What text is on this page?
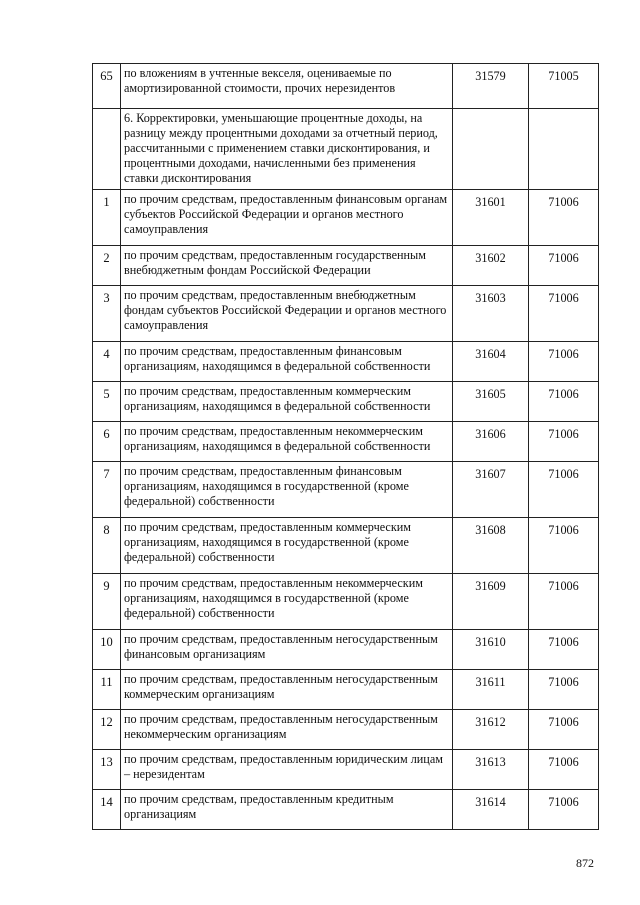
65	по вложениям в учтенные векселя, оцениваемые по амортизированной стоимости, прочих нерезидентов	31579	71005
	6. Корректировки, уменьшающие процентные доходы, на разницу между процентными доходами за отчетный период, рассчитанными с применением ставки дисконтирования, и процентными доходами, начисленными без применения ставки дисконтирования		
1	по прочим средствам, предоставленным финансовым органам субъектов Российской Федерации и органов местного самоуправления	31601	71006
2	по прочим средствам, предоставленным государственным внебюджетным фондам Российской Федерации	31602	71006
3	по прочим средствам, предоставленным внебюджетным фондам субъектов Российской Федерации и органов местного самоуправления	31603	71006
4	по прочим средствам, предоставленным финансовым организациям, находящимся в федеральной собственности	31604	71006
5	по прочим средствам, предоставленным коммерческим организациям, находящимся в федеральной собственности	31605	71006
6	по прочим средствам, предоставленным некоммерческим организациям, находящимся в федеральной собственности	31606	71006
7	по прочим средствам, предоставленным финансовым организациям, находящимся в государственной (кроме федеральной) собственности	31607	71006
8	по прочим средствам, предоставленным коммерческим организациям, находящимся в государственной (кроме федеральной) собственности	31608	71006
9	по прочим средствам, предоставленным некоммерческим организациям, находящимся в государственной (кроме федеральной) собственности	31609	71006
10	по прочим средствам, предоставленным негосударственным финансовым организациям	31610	71006
11	по прочим средствам, предоставленным негосударственным коммерческим организациям	31611	71006
12	по прочим средствам, предоставленным негосударственным некоммерческим организациям	31612	71006
13	по прочим средствам, предоставленным юридическим лицам – нерезидентам	31613	71006
14	по прочим средствам, предоставленным кредитным организациям	31614	71006
872
